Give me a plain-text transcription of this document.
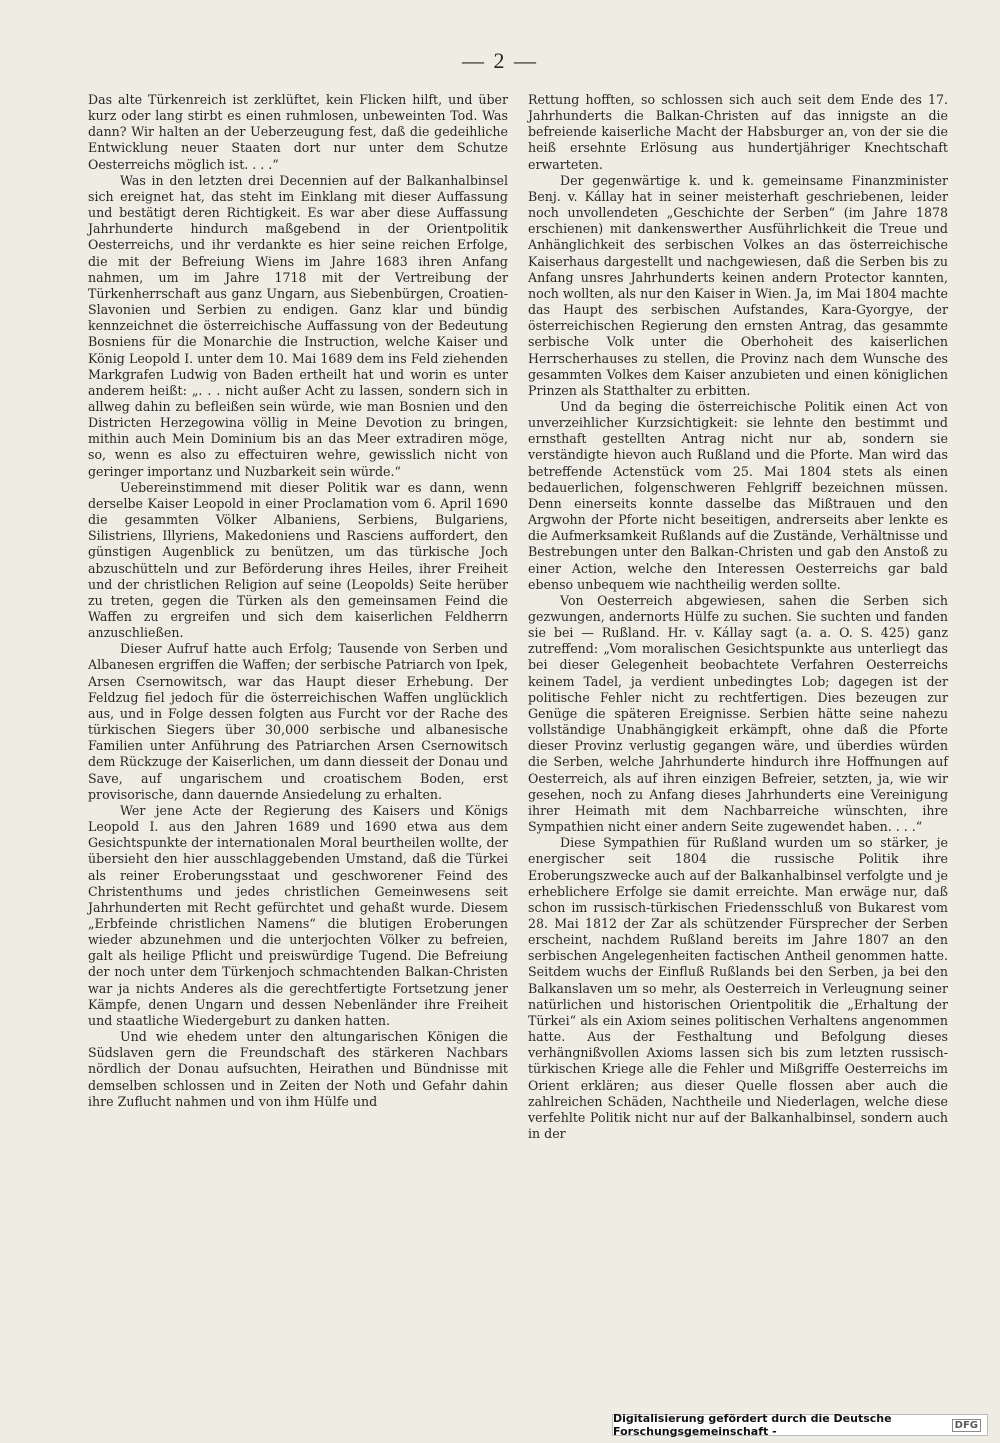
— 2 —

Das alte Türkenreich ist zerklüftet, kein Flicken hilft, und über kurz oder lang stirbt es einen ruhmlosen, unbeweinten Tod. Was dann? Wir halten an der Ueberzeugung fest, daß die gedeihliche Entwicklung neuer Staaten dort nur unter dem Schutze Oesterreichs möglich ist. . . .“

Was in den letzten drei Decennien auf der Balkanhalbinsel sich ereignet hat, das steht im Einklang mit dieser Auffassung und bestätigt deren Richtigkeit. Es war aber diese Auffassung Jahrhunderte hindurch maßgebend in der Orientpolitik Oesterreichs, und ihr verdankte es hier seine reichen Erfolge, die mit der Befreiung Wiens im Jahre 1683 ihren Anfang nahmen, um im Jahre 1718 mit der Vertreibung der Türkenherrschaft aus ganz Ungarn, aus Siebenbürgen, Croatien-Slavonien und Serbien zu endigen. Ganz klar und bündig kennzeichnet die österreichische Auffassung von der Bedeutung Bosniens für die Monarchie die Instruction, welche Kaiser und König Leopold I. unter dem 10. Mai 1689 dem ins Feld ziehenden Markgrafen Ludwig von Baden ertheilt hat und worin es unter anderem heißt: „. . . nicht außer Acht zu lassen, sondern sich in allweg dahin zu befleißen sein würde, wie man Bosnien und den Districten Herzegowina völlig in Meine Devotion zu bringen, mithin auch Mein Dominium bis an das Meer extradiren möge, so, wenn es also zu effectuiren wehre, gewisslich nicht von geringer importanz und Nuzbarkeit sein würde.“

Uebereinstimmend mit dieser Politik war es dann, wenn derselbe Kaiser Leopold in einer Proclamation vom 6. April 1690 die gesammten Völker Albaniens, Serbiens, Bulgariens, Silistriens, Illyriens, Makedoniens und Rasciens auffordert, den günstigen Augenblick zu benützen, um das türkische Joch abzuschütteln und zur Beförderung ihres Heiles, ihrer Freiheit und der christlichen Religion auf seine (Leopolds) Seite herüber zu treten, gegen die Türken als den gemeinsamen Feind die Waffen zu ergreifen und sich dem kaiserlichen Feldherrn anzuschließen.

Dieser Aufruf hatte auch Erfolg; Tausende von Serben und Albanesen ergriffen die Waffen; der serbische Patriarch von Ipek, Arsen Csernowitsch, war das Haupt dieser Erhebung. Der Feldzug fiel jedoch für die österreichischen Waffen unglücklich aus, und in Folge dessen folgten aus Furcht vor der Rache des türkischen Siegers über 30,000 serbische und albanesische Familien unter Anführung des Patriarchen Arsen Csernowitsch dem Rückzuge der Kaiserlichen, um dann diesseit der Donau und Save, auf ungarischem und croatischem Boden, erst provisorische, dann dauernde Ansiedelung zu erhalten.

Wer jene Acte der Regierung des Kaisers und Königs Leopold I. aus den Jahren 1689 und 1690 etwa aus dem Gesichtspunkte der internationalen Moral beurtheilen wollte, der übersieht den hier ausschlaggebenden Umstand, daß die Türkei als reiner Eroberungsstaat und geschworener Feind des Christenthums und jedes christlichen Gemeinwesens seit Jahrhunderten mit Recht gefürchtet und gehaßt wurde. Diesem „Erbfeinde christlichen Namens“ die blutigen Eroberungen wieder abzunehmen und die unterjochten Völker zu befreien, galt als heilige Pflicht und preiswürdige Tugend. Die Befreiung der noch unter dem Türkenjoch schmachtenden Balkan-Christen war ja nichts Anderes als die gerechtfertigte Fortsetzung jener Kämpfe, denen Ungarn und dessen Nebenländer ihre Freiheit und staatliche Wiedergeburt zu danken hatten.

Und wie ehedem unter den altungarischen Königen die Südslaven gern die Freundschaft des stärkeren Nachbars nördlich der Donau aufsuchten, Heirathen und Bündnisse mit demselben schlossen und in Zeiten der Noth und Gefahr dahin ihre Zuflucht nahmen und von ihm Hülfe und

Rettung hofften, so schlossen sich auch seit dem Ende des 17. Jahrhunderts die Balkan-Christen auf das innigste an die befreiende kaiserliche Macht der Habsburger an, von der sie die heiß ersehnte Erlösung aus hundertjähriger Knechtschaft erwarteten.

Der gegenwärtige k. und k. gemeinsame Finanzminister Benj. v. Kállay hat in seiner meisterhaft geschriebenen, leider noch unvollendeten „Geschichte der Serben“ (im Jahre 1878 erschienen) mit dankenswerther Ausführlichkeit die Treue und Anhänglichkeit des serbischen Volkes an das österreichische Kaiserhaus dargestellt und nachgewiesen, daß die Serben bis zu Anfang unsres Jahrhunderts keinen andern Protector kannten, noch wollten, als nur den Kaiser in Wien. Ja, im Mai 1804 machte das Haupt des serbischen Aufstandes, Kara-Gyorgye, der österreichischen Regierung den ernsten Antrag, das gesammte serbische Volk unter die Oberhoheit des kaiserlichen Herrscherhauses zu stellen, die Provinz nach dem Wunsche des gesammten Volkes dem Kaiser anzubieten und einen königlichen Prinzen als Statthalter zu erbitten.

Und da beging die österreichische Politik einen Act von unverzeihlicher Kurzsichtigkeit: sie lehnte den bestimmt und ernsthaft gestellten Antrag nicht nur ab, sondern sie verständigte hievon auch Rußland und die Pforte. Man wird das betreffende Actenstück vom 25. Mai 1804 stets als einen bedauerlichen, folgenschweren Fehlgriff bezeichnen müssen. Denn einerseits konnte dasselbe das Mißtrauen und den Argwohn der Pforte nicht beseitigen, andrerseits aber lenkte es die Aufmerksamkeit Rußlands auf die Zustände, Verhältnisse und Bestrebungen unter den Balkan-Christen und gab den Anstoß zu einer Action, welche den Interessen Oesterreichs gar bald ebenso unbequem wie nachtheilig werden sollte.

Von Oesterreich abgewiesen, sahen die Serben sich gezwungen, andernorts Hülfe zu suchen. Sie suchten und fanden sie bei — Rußland. Hr. v. Kállay sagt (a. a. O. S. 425) ganz zutreffend: „Vom moralischen Gesichtspunkte aus unterliegt das bei dieser Gelegenheit beobachtete Verfahren Oesterreichs keinem Tadel, ja verdient unbedingtes Lob; dagegen ist der politische Fehler nicht zu rechtfertigen. Dies bezeugen zur Genüge die späteren Ereignisse. Serbien hätte seine nahezu vollständige Unabhängigkeit erkämpft, ohne daß die Pforte dieser Provinz verlustig gegangen wäre, und überdies würden die Serben, welche Jahrhunderte hindurch ihre Hoffnungen auf Oesterreich, als auf ihren einzigen Befreier, setzten, ja, wie wir gesehen, noch zu Anfang dieses Jahrhunderts eine Vereinigung ihrer Heimath mit dem Nachbarreiche wünschten, ihre Sympathien nicht einer andern Seite zugewendet haben. . . .“

Diese Sympathien für Rußland wurden um so stärker, je energischer seit 1804 die russische Politik ihre Eroberungszwecke auch auf der Balkanhalbinsel verfolgte und je erheblichere Erfolge sie damit erreichte. Man erwäge nur, daß schon im russisch-türkischen Friedensschluß von Bukarest vom 28. Mai 1812 der Zar als schützender Fürsprecher der Serben erscheint, nachdem Rußland bereits im Jahre 1807 an den serbischen Angelegenheiten factischen Antheil genommen hatte. Seitdem wuchs der Einfluß Rußlands bei den Serben, ja bei den Balkanslaven um so mehr, als Oesterreich in Verleugnung seiner natürlichen und historischen Orientpolitik die „Erhaltung der Türkei“ als ein Axiom seines politischen Verhaltens angenommen hatte. Aus der Festhaltung und Befolgung dieses verhängnißvollen Axioms lassen sich bis zum letzten russisch-türkischen Kriege alle die Fehler und Mißgriffe Oesterreichs im Orient erklären; aus dieser Quelle flossen aber auch die zahlreichen Schäden, Nachtheile und Niederlagen, welche diese verfehlte Politik nicht nur auf der Balkanhalbinsel, sondern auch in der

Digitalisierung gefördert durch die Deutsche Forschungsgemeinschaft -	DFG
